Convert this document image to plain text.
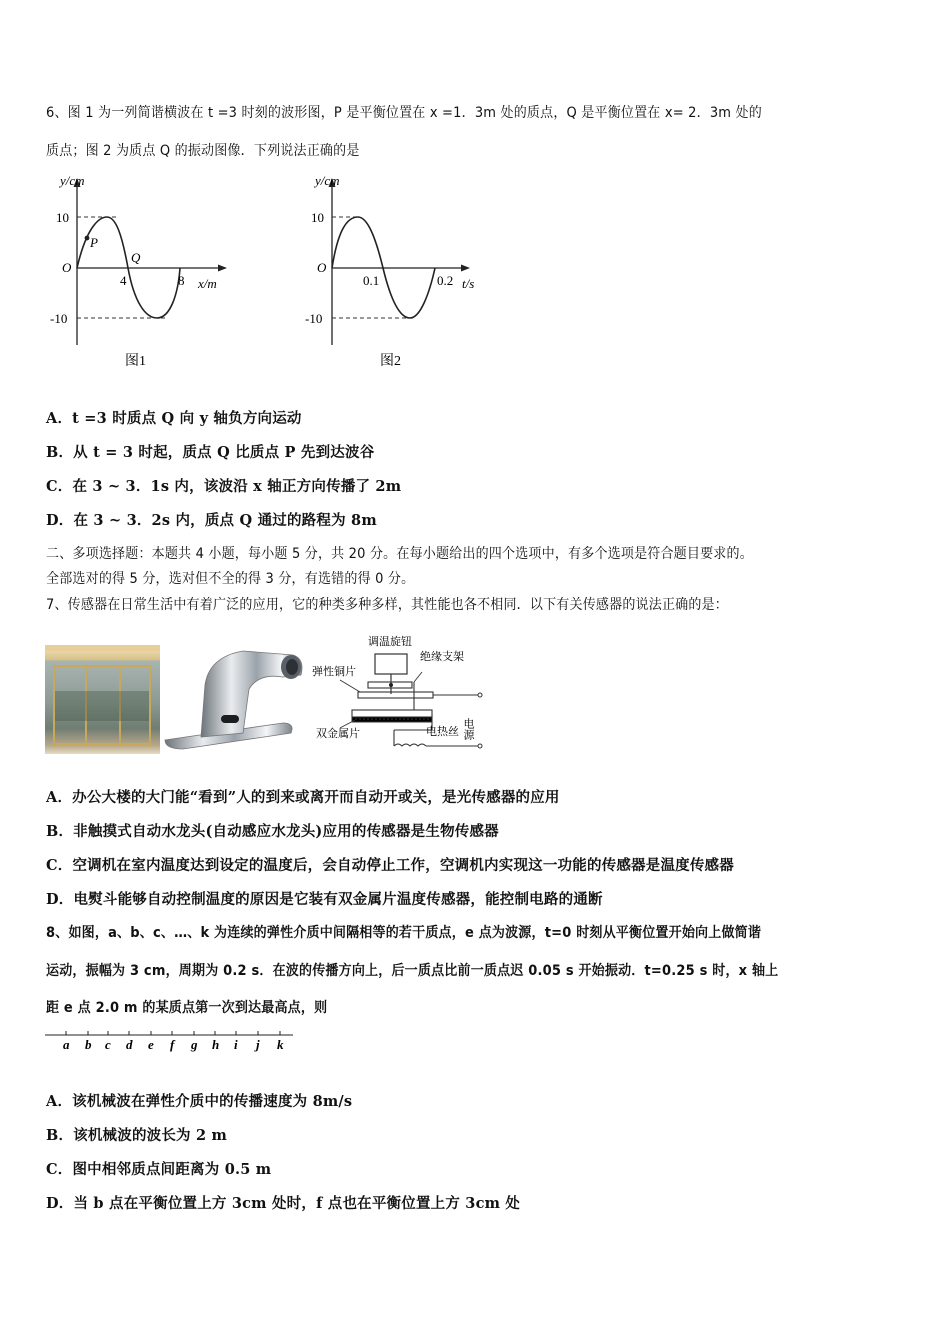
6、图 1 为一列简谐横波在 t =3 时刻的波形图，P 是平衡位置在 x =1．3m 处的质点，Q 是平衡位置在 x= 2．3m 处的
质点；图 2 为质点 Q 的振动图像．下列说法正确的是
y/cm
10
-10
O
P
Q
4	8 x/m
图1
y/cm
10
-10
O
0.1	0.2 t/s
图2
A．t =3 时质点 Q 向 y 轴负方向运动
B．从 t = 3 时起，质点 Q 比质点 P 先到达波谷
C．在 3 ~ 3．1s 内，该波沿 x 轴正方向传播了 2m
D．在 3 ~ 3．2s 内，质点 Q 通过的路程为 8m
二、多项选择题：本题共 4 小题，每小题 5 分，共 20 分。在每小题给出的四个选项中，有多个选项是符合题目要求的。
全部选对的得 5 分，选对但不全的得 3 分，有选错的得 0 分。
7、传感器在日常生活中有着广泛的应用，它的种类多种多样，其性能也各不相同．以下有关传感器的说法正确的是：
调温旋钮
绝缘支架
弹性铜片
双金属片	电热丝 电源
A．办公大楼的大门能“看到”人的到来或离开而自动开或关，是光传感器的应用
B．非触摸式自动水龙头(自动感应水龙头)应用的传感器是生物传感器
C．空调机在室内温度达到设定的温度后，会自动停止工作，空调机内实现这一功能的传感器是温度传感器
D．电熨斗能够自动控制温度的原因是它装有双金属片温度传感器，能控制电路的通断
8、如图，a、b、c、…、k 为连续的弹性介质中间隔相等的若干质点，e 点为波源，t=0 时刻从平衡位置开始向上做简谐
运动，振幅为 3 cm，周期为 0.2 s．在波的传播方向上，后一质点比前一质点迟 0.05 s 开始振动．t=0.25 s 时，x 轴上
距 e 点 2.0 m 的某质点第一次到达最高点，则
a b c d e f g h i j k
A．该机械波在弹性介质中的传播速度为 8m/s
B．该机械波的波长为 2 m
C．图中相邻质点间距离为 0.5 m
D．当 b 点在平衡位置上方 3cm 处时，f 点也在平衡位置上方 3cm 处
